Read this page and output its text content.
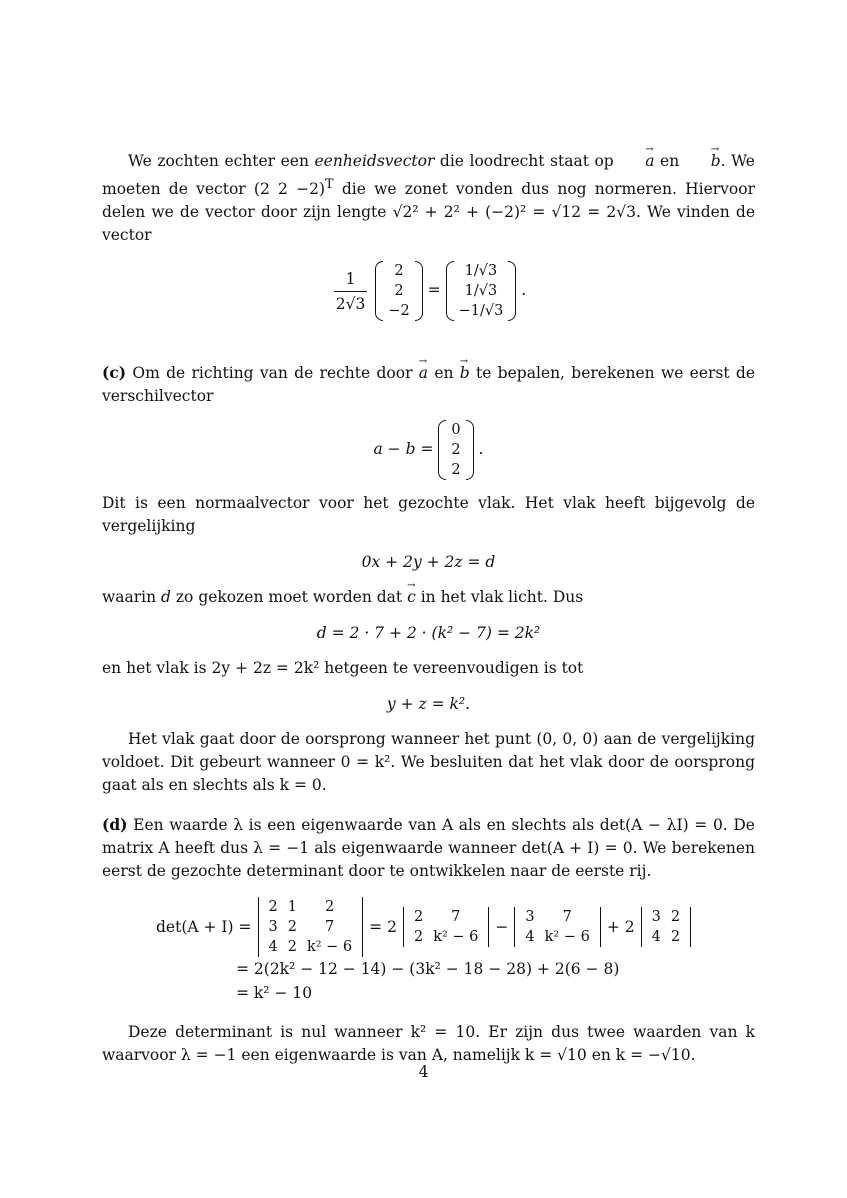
We zochten echter een eenheidsvector die loodrecht staat op → a en → b. We moeten de vector (2 2 −2)$^T$ die we zonet vonden dus nog normeren. Hiervoor delen we de vector door zijn lengte √2² + 2² + (−2)² = √12 = 2√3. We vinden de vector

$\frac{1}{2√3}$
2
2
−2
=
1/√3
1/√3
−1/√3
.

(c) Om de richting van de rechte door → a en → b te bepalen, berekenen we eerst de verschilvector

a − b =
0
2
2
.

Dit is een normaalvector voor het gezochte vlak. Het vlak heeft bijgevolg de vergelijking

0x + 2y + 2z = d

waarin d zo gekozen moet worden dat → c in het vlak licht. Dus

d = 2 · 7 + 2 · (k² − 7) = 2k²

en het vlak is 2y + 2z = 2k² hetgeen te vereenvoudigen is tot

y + z = k².

Het vlak gaat door de oorsprong wanneer het punt (0, 0, 0) aan de vergelijking voldoet. Dit gebeurt wanneer 0 = k². We besluiten dat het vlak door de oorsprong gaat als en slechts als k = 0.

(d) Een waarde λ is een eigenwaarde van A als en slechts als det(A − λI) = 0. De matrix A heeft dus λ = −1 als eigenwaarde wanneer det(A + I) = 0. We berekenen eerst de gezochte determinant door te ontwikkelen naar de eerste rij.

det(A + I) =
2	1	2
3	2	7
4	2	k² − 6
= 2
2	7
2	k² − 6
−
3	7
4	k² − 6
+ 2
3	2
4	2
= 2(2k² − 12 − 14) − (3k² − 18 − 28) + 2(6 − 8)
= k² − 10

Deze determinant is nul wanneer k² = 10. Er zijn dus twee waarden van k waarvoor λ = −1 een eigenwaarde is van A, namelijk k = √10 en k = −√10.

4
